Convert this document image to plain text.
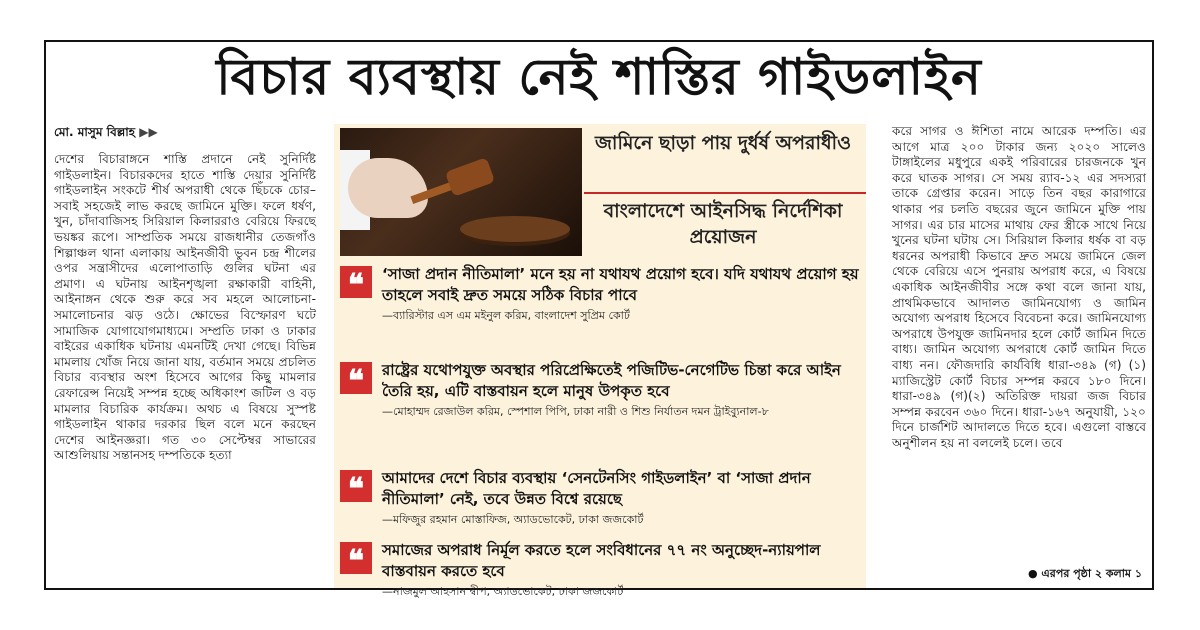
বিচার ব্যবস্থায় নেই শাস্তির গাইডলাইন
মো. মাসুম বিল্লাহ ▶▶

দেশের বিচারাঙ্গনে শাস্তি প্রদানে নেই সুনির্দিষ্ট গাইডলাইন। বিচারকদের হাতে শাস্তি দেয়ার সুনির্দিষ্ট গাইডলাইন সংকটে শীর্ষ অপরাধী থেকে ছিঁচকে চোর– সবাই সহজেই লাভ করছে জামিনে মুক্তি। ফলে ধর্ষণ, খুন, চাঁদাবাজিসহ সিরিয়াল কিলাররাও বেরিয়ে ফিরছে ভয়ঙ্কর রূপে। সাম্প্রতিক সময়ে রাজধানীর তেজগাঁও শিল্পাঞ্চল থানা এলাকায় আইনজীবী ভুবন চন্দ্র শীলের ওপর সন্ত্রাসীদের এলোপাতাড়ি গুলির ঘটনা এর প্রমাণ। এ ঘটনায় আইনশৃঙ্খলা রক্ষাকারী বাহিনী, আইনাঙ্গন থেকে শুরু করে সব মহলে আলোচনা-সমালোচনার ঝড় ওঠে। ক্ষোভের বিস্ফোরণ ঘটে সামাজিক যোগাযোগমাধ্যমে। সম্প্রতি ঢাকা ও ঢাকার বাইরের একাধিক ঘটনায় এমনটিই দেখা গেছে। বিভিন্ন মামলায় খোঁজ নিয়ে জানা যায়, বর্তমান সময়ে প্রচলিত বিচার ব্যবস্থার অংশ হিসেবে আগের কিছু মামলার রেফারেন্স নিয়েই সম্পন্ন হচ্ছে অধিকাংশ জটিল ও বড় মামলার বিচারিক কার্যক্রম। অথচ এ বিষয়ে সুস্পষ্ট গাইডলাইন থাকার দরকার ছিল বলে মনে করছেন দেশের আইনজ্ঞরা। গত ৩০ সেপ্টেম্বর সাভারের আশুলিয়ায় সন্তানসহ দম্পতিকে হত্যা

জামিনে ছাড়া পায় দুর্ধর্ষ অপরাধীও
বাংলাদেশে আইনসিদ্ধ নির্দেশিকা প্রয়োজন
❝	‘সাজা প্রদান নীতিমালা’ মনে হয় না যথাযথ প্রয়োগ হবে। যদি যথাযথ প্রয়োগ হয় তাহলে সবাই দ্রুত সময়ে সঠিক বিচার পাবে
—ব্যারিস্টার এস এম মইনুল করিম, বাংলাদেশ সুপ্রিম কোর্ট
❝	রাষ্ট্রের যথোপযুক্ত অবস্থার পরিপ্রেক্ষিতেই পজিটিভ-নেগেটিভ চিন্তা করে আইন তৈরি হয়, এটি বাস্তবায়ন হলে মানুষ উপকৃত হবে
—মোহাম্মদ রেজাউল করিম, স্পেশাল পিপি, ঢাকা নারী ও শিশু নির্যাতন দমন ট্রাইব্যুনাল-৮
❝	আমাদের দেশে বিচার ব্যবস্থায় ‘সেনটেনসিং গাইডলাইন’ বা ‘সাজা প্রদান নীতিমালা’ নেই, তবে উন্নত বিশ্বে রয়েছে
—মফিজুর রহমান মোস্তাফিজ, অ্যাডভোকেট, ঢাকা জজকোর্ট
❝	সমাজের অপরাধ নির্মূল করতে হলে সংবিধানের ৭৭ নং অনুচ্ছেদ-ন্যায়পাল বাস্তবায়ন করতে হবে
—নাজমুল আহসান দ্বীপ, অ্যাডভোকেট, ঢাকা জজকোর্ট

করে সাগর ও ঈশিতা নামে আরেক দম্পতি। এর আগে মাত্র ২০০ টাকার জন্য ২০২০ সালেও টাঙ্গাইলের মধুপুরে একই পরিবারের চারজনকে খুন করে ঘাতক সাগর। সে সময় র‍্যাব-১২ এর সদস্যরা তাকে গ্রেপ্তার করেন। সাড়ে তিন বছর কারাগারে থাকার পর চলতি বছরের জুনে জামিনে মুক্তি পায় সাগর। এর চার মাসের মাথায় ফের স্ত্রীকে সাথে নিয়ে খুনের ঘটনা ঘটায় সে। সিরিয়াল কিলার ধর্ষক বা বড় ধরনের অপরাধী কিভাবে দ্রুত সময়ে জামিনে জেল থেকে বেরিয়ে এসে পুনরায় অপরাধ করে, এ বিষয়ে একাধিক আইনজীবীর সঙ্গে কথা বলে জানা যায়, প্রাথমিকভাবে আদালত জামিনযোগ্য ও জামিন অযোগ্য অপরাধ হিসেবে বিবেচনা করে। জামিনযোগ্য অপরাধে উপযুক্ত জামিনদার হলে কোর্ট জামিন দিতে বাধ্য। জামিন অযোগ্য অপরাধে কোর্ট জামিন দিতে বাধ্য নন। ফৌজদারি কার্যবিধি ধারা-৩৪৯ (গ) (১) ম্যাজিস্ট্রেট কোর্ট বিচার সম্পন্ন করবে ১৮০ দিনে। ধারা-৩৪৯ (গ)(২) অতিরিক্ত দায়রা জজ বিচার সম্পন্ন করবেন ৩৬০ দিনে। ধারা-১৬৭ অনুযায়ী, ১২০ দিনে চার্জশিট আদালতে দিতে হবে। এগুলো বাস্তবে অনুশীলন হয় না বললেই চলে। তবে

● এরপর পৃষ্ঠা ২ কলাম ১
